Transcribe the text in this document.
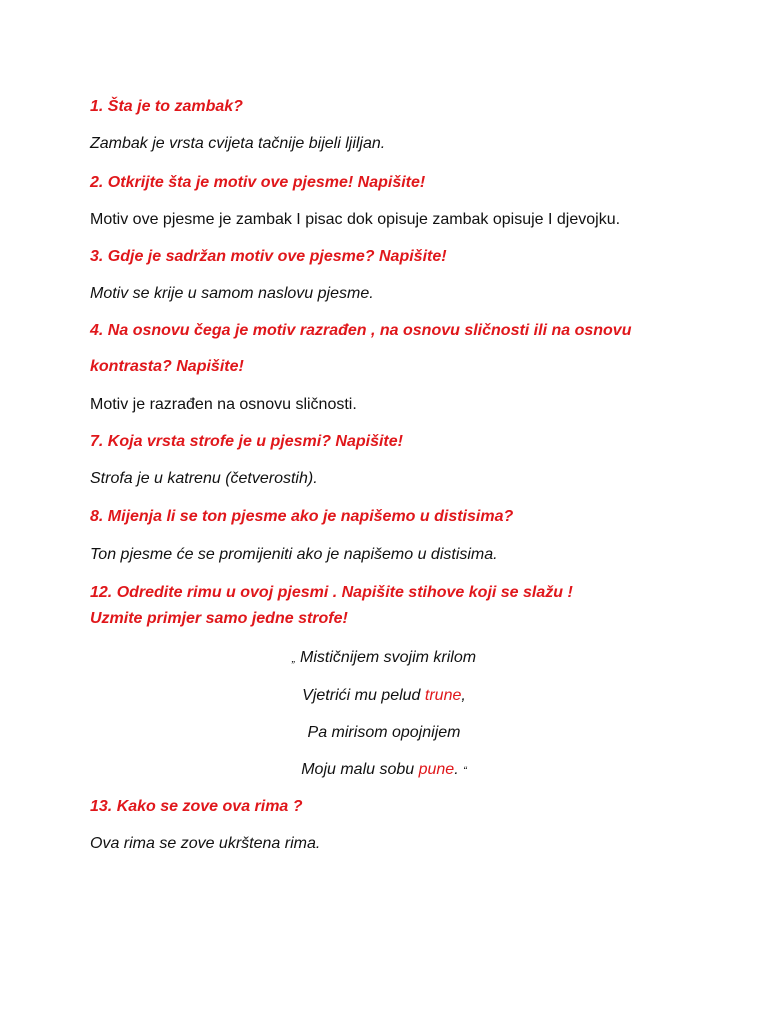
1. Šta je to zambak?
Zambak je vrsta cvijeta tačnije bijeli ljiljan.
2. Otkrijte šta je motiv ove pjesme! Napišite!
Motiv ove pjesme je zambak I pisac dok opisuje zambak opisuje I djevojku.
3. Gdje je sadržan motiv ove pjesme? Napišite!
Motiv se krije u samom naslovu pjesme.
4. Na osnovu čega je motiv razrađen , na osnovu sličnosti ili na osnovu
kontrasta? Napišite!
Motiv je razrađen na osnovu sličnosti.
7. Koja vrsta strofe je u pjesmi? Napišite!
Strofa je u katrenu (četverostih).
8. Mijenja li se ton pjesme ako je napišemo u distisima?
Ton pjesme će se promijeniti ako je napišemo u distisima.
12. Odredite rimu u ovoj pjesmi . Napišite stihove koji se slažu !
Uzmite primjer samo jedne strofe!
„ Mističnijem svojim krilom
Vjetrići mu pelud trune,
Pa mirisom opojnijem
Moju malu sobu pune. “
13. Kako se zove ova rima ?
Ova rima se zove ukrštena rima.
